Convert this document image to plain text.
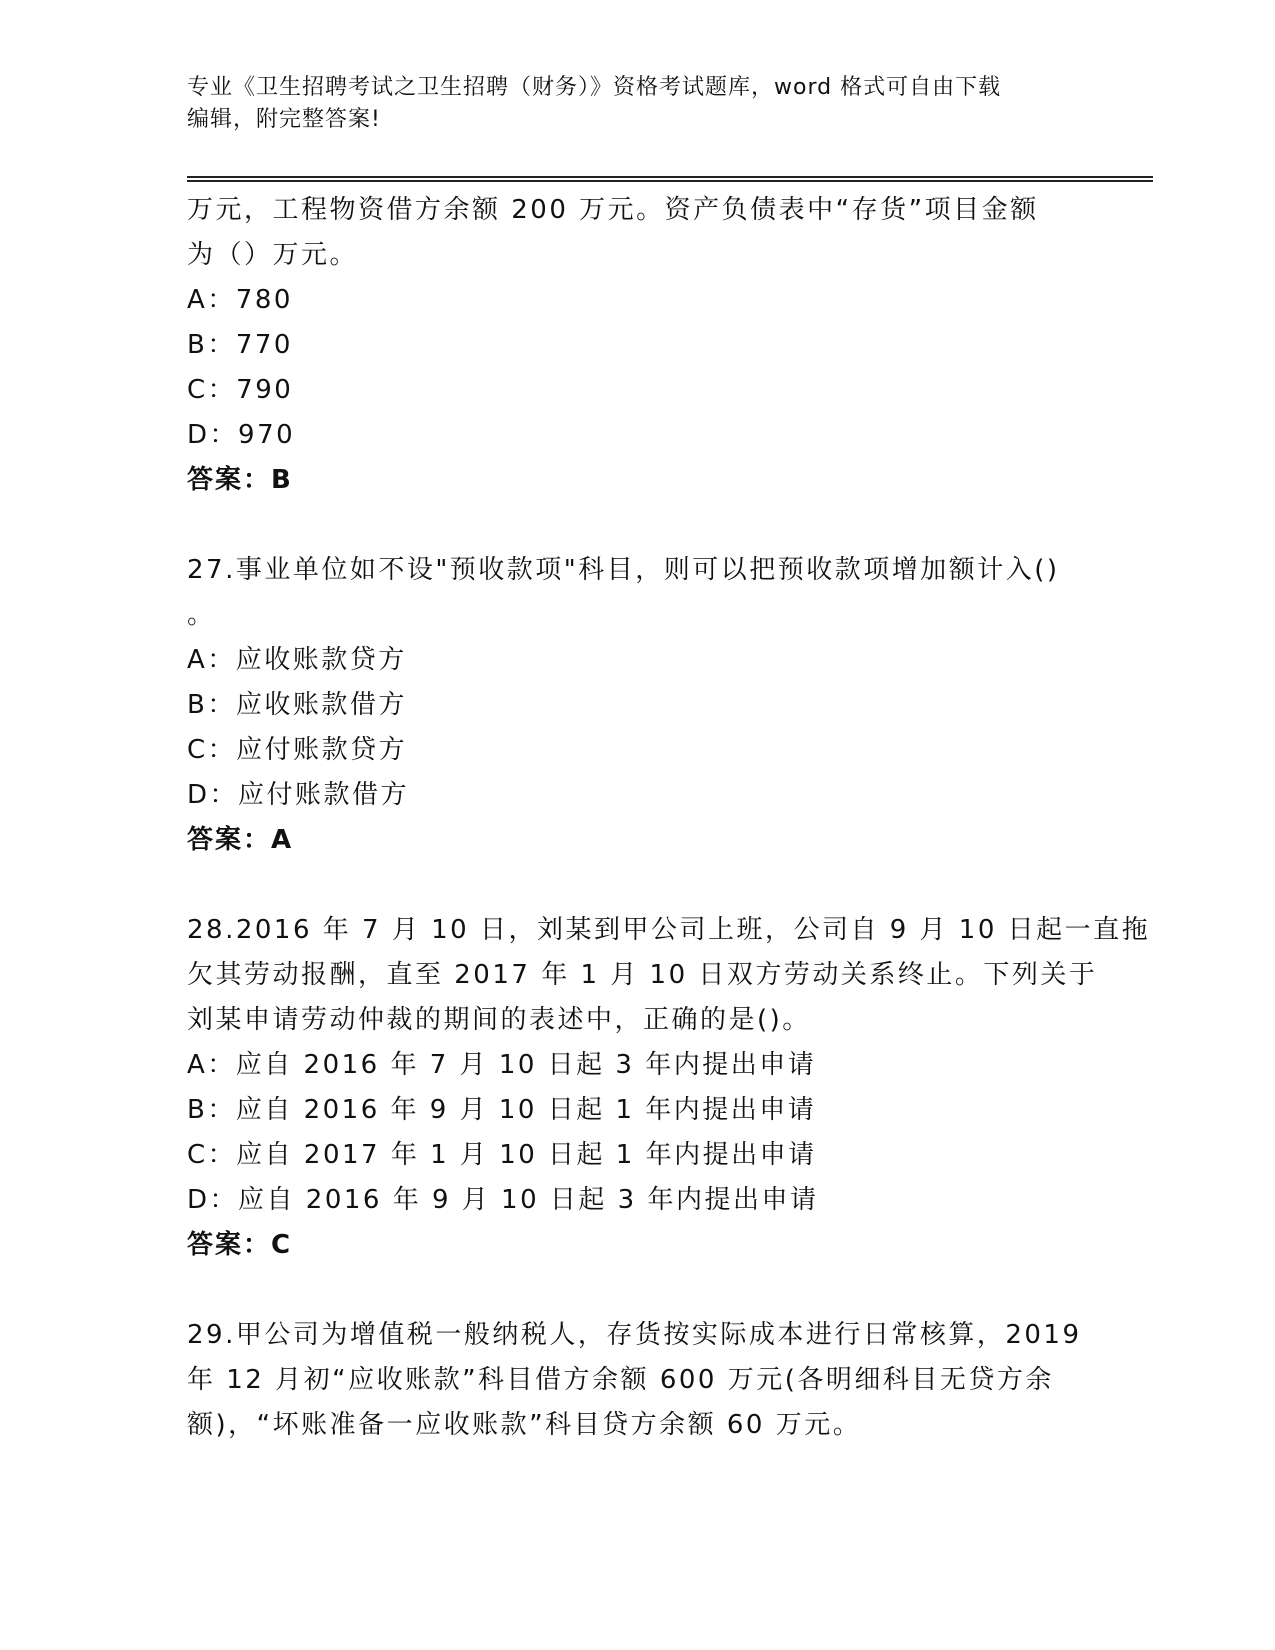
专业《卫生招聘考试之卫生招聘（财务）》资格考试题库，word 格式可自由下载
编辑，附完整答案!
万元，工程物资借方余额 200 万元。资产负债表中“存货”项目金额
为（）万元。
A：780
B：770
C：790
D：970
答案：B
27.事业单位如不设"预收款项"科目，则可以把预收款项增加额计入()
。
A：应收账款贷方
B：应收账款借方
C：应付账款贷方
D：应付账款借方
答案：A
28.2016 年 7 月 10 日，刘某到甲公司上班，公司自 9 月 10 日起一直拖
欠其劳动报酬，直至 2017 年 1 月 10 日双方劳动关系终止。下列关于
刘某申请劳动仲裁的期间的表述中，正确的是()。
A：应自 2016 年 7 月 10 日起 3 年内提出申请
B：应自 2016 年 9 月 10 日起 1 年内提出申请
C：应自 2017 年 1 月 10 日起 1 年内提出申请
D：应自 2016 年 9 月 10 日起 3 年内提出申请
答案：C
29.甲公司为增值税一般纳税人，存货按实际成本进行日常核算，2019
年 12 月初“应收账款”科目借方余额 600 万元(各明细科目无贷方余
额)，“坏账准备一应收账款”科目贷方余额 60 万元。
